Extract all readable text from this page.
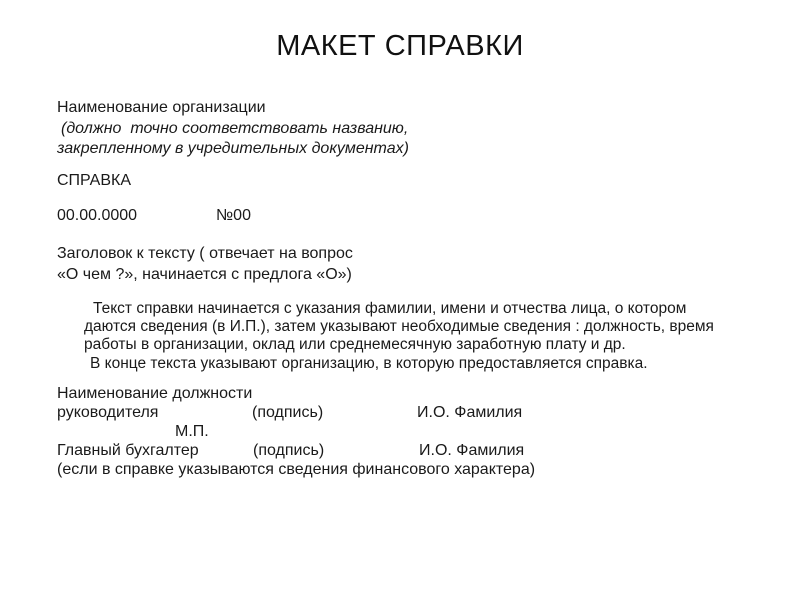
МАКЕТ СПРАВКИ
Наименование организации
(должно  точно соответствовать названию,
закрепленному в учредительных документах)
СПРАВКА
00.00.0000	№00
Заголовок к тексту ( отвечает на вопрос
«О чем ?», начинается с предлога «О»)
Текст справки начинается с указания фамилии, имени и отчества лица, о котором
даются сведения (в И.П.), затем указывают необходимые сведения : должность, время
работы в организации, оклад или среднемесячную заработную плату и др.
В конце текста указывают организацию, в которую предоставляется справка.
Наименование должности
руководителя	(подпись)	И.О. Фамилия
М.П.
Главный бухгалтер	(подпись)	И.О. Фамилия
(если в справке указываются сведения финансового характера)
